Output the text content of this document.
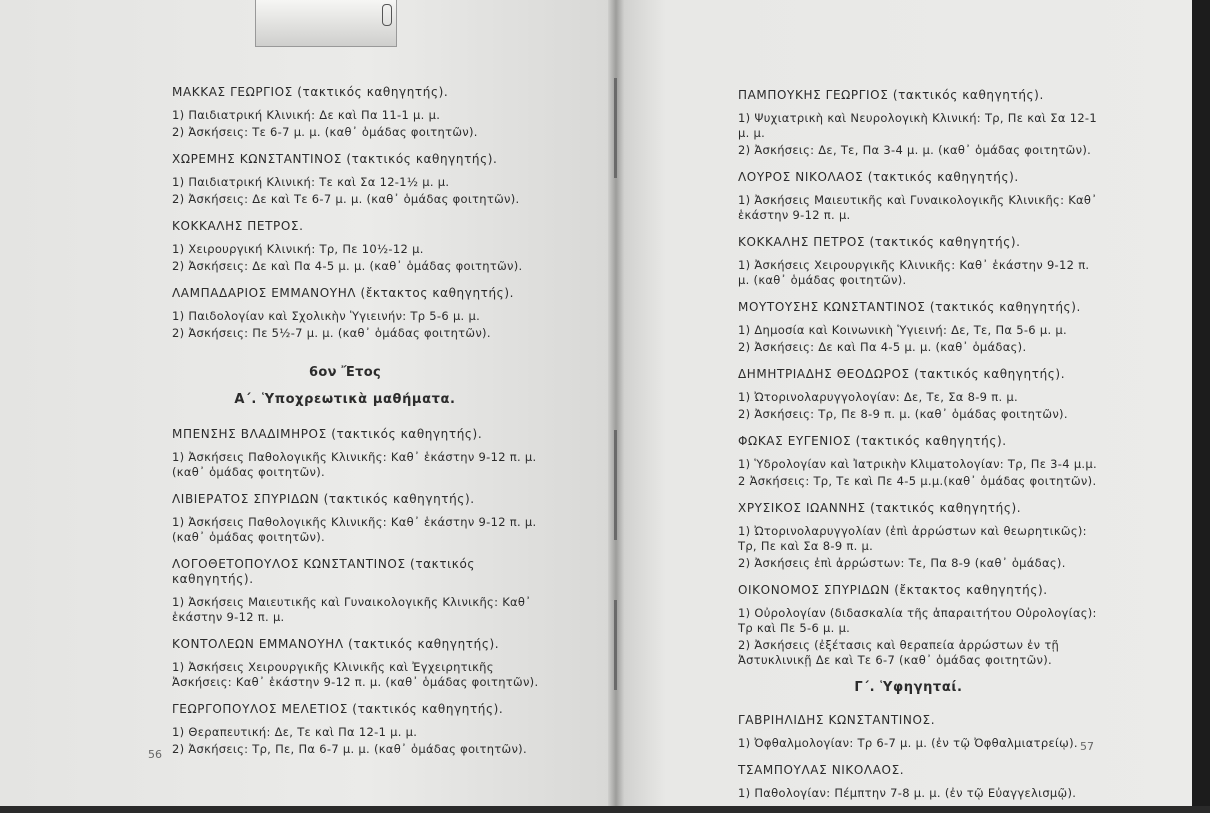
ΜΑΚΚΑΣ ΓΕΩΡΓΙΟΣ (τακτικός καθηγητής).
1) Παιδιατρική Κλινική: Δε καὶ Πα 11-1 μ. μ.
2) Ἀσκήσεις: Τε 6-7 μ. μ. (καθ᾽ ὁμάδας φοιτητῶν).
ΧΩΡΕΜΗΣ ΚΩΝΣΤΑΝΤΙΝΟΣ (τακτικός καθηγητής).
1) Παιδιατρική Κλινική: Τε καὶ Σα 12-1½ μ. μ.
2) Ἀσκήσεις: Δε καὶ Τε 6-7 μ. μ. (καθ᾽ ὁμάδας φοιτητῶν).
ΚΟΚΚΑΛΗΣ ΠΕΤΡΟΣ.
1) Χειρουργική Κλινική: Τρ, Πε 10½-12 μ.
2) Ἀσκήσεις: Δε καὶ Πα 4-5 μ. μ. (καθ᾽ ὁμάδας φοιτητῶν).
ΛΑΜΠΑΔΑΡΙΟΣ ΕΜΜΑΝΟΥΗΛ (ἔκτακτος καθηγητής).
1) Παιδολογίαν καὶ Σχολικὴν Ὑγιεινήν: Τρ 5-6 μ. μ.
2) Ἀσκήσεις: Πε 5½-7 μ. μ. (καθ᾽ ὁμάδας φοιτητῶν).
6ον Ἔτος
Α΄. Ὑποχρεωτικὰ μαθήματα.
ΜΠΕΝΣΗΣ ΒΛΑΔΙΜΗΡΟΣ (τακτικός καθηγητής).
1) Ἀσκήσεις Παθολογικῆς Κλινικῆς: Καθ᾽ ἑκάστην 9-12 π. μ. (καθ᾽ ὁμάδας φοιτητῶν).
ΛΙΒΙΕΡΑΤΟΣ ΣΠΥΡΙΔΩΝ (τακτικός καθηγητής).
1) Ἀσκήσεις Παθολογικῆς Κλινικῆς: Καθ᾽ ἑκάστην 9-12 π. μ. (καθ᾽ ὁμάδας φοιτητῶν).
ΛΟΓΟΘΕΤΟΠΟΥΛΟΣ ΚΩΝΣΤΑΝΤΙΝΟΣ (τακτικός καθηγητής).
1) Ἀσκήσεις Μαιευτικῆς καὶ Γυναικολογικῆς Κλινικῆς: Καθ᾽ ἑκάστην 9-12 π. μ.
ΚΟΝΤΟΛΕΩΝ ΕΜΜΑΝΟΥΗΛ (τακτικός καθηγητής).
1) Ἀσκήσεις Χειρουργικῆς Κλινικῆς καὶ Ἐγχειρητικῆς Ἀσκήσεις: Καθ᾽ ἑκάστην 9-12 π. μ. (καθ᾽ ὁμάδας φοιτητῶν).
ΓΕΩΡΓΟΠΟΥΛΟΣ ΜΕΛΕΤΙΟΣ (τακτικός καθηγητής).
1) Θεραπευτική: Δε, Τε καὶ Πα 12-1 μ. μ.
2) Ἀσκήσεις: Τρ, Πε, Πα 6-7 μ. μ. (καθ᾽ ὁμάδας φοιτητῶν).
ΠΑΜΠΟΥΚΗΣ ΓΕΩΡΓΙΟΣ (τακτικός καθηγητής).
1) Ψυχιατρικὴ καὶ Νευρολογικὴ Κλινική: Τρ, Πε καὶ Σα 12-1 μ. μ.
2) Ἀσκήσεις: Δε, Τε, Πα 3-4 μ. μ. (καθ᾽ ὁμάδας φοιτητῶν).
ΛΟΥΡΟΣ ΝΙΚΟΛΑΟΣ (τακτικός καθηγητής).
1) Ἀσκήσεις Μαιευτικῆς καὶ Γυναικολογικῆς Κλινικῆς: Καθ᾽ ἑκάστην 9-12 π. μ.
ΚΟΚΚΑΛΗΣ ΠΕΤΡΟΣ (τακτικός καθηγητής).
1) Ἀσκήσεις Χειρουργικῆς Κλινικῆς: Καθ᾽ ἑκάστην 9-12 π. μ. (καθ᾽ ὁμάδας φοιτητῶν).
ΜΟΥΤΟΥΣΗΣ ΚΩΝΣΤΑΝΤΙΝΟΣ (τακτικός καθηγητής).
1) Δημοσία καὶ Κοινωνικὴ Ὑγιεινή: Δε, Τε, Πα 5-6 μ. μ.
2) Ἀσκήσεις: Δε καὶ Πα 4-5 μ. μ. (καθ᾽ ὁμάδας).
ΔΗΜΗΤΡΙΑΔΗΣ ΘΕΟΔΩΡΟΣ (τακτικός καθηγητής).
1) Ὠτορινολαρυγγολογίαν: Δε, Τε, Σα 8-9 π. μ.
2) Ἀσκήσεις: Τρ, Πε 8-9 π. μ. (καθ᾽ ὁμάδας φοιτητῶν).
ΦΩΚΑΣ ΕΥΓΕΝΙΟΣ (τακτικός καθηγητής).
1) Ὑδρολογίαν καὶ Ἰατρικὴν Κλιματολογίαν: Τρ, Πε 3-4 μ.μ.
2 Ἀσκήσεις: Τρ, Τε καὶ Πε 4-5 μ.μ.(καθ᾽ ὁμάδας φοιτητῶν).
ΧΡΥΣΙΚΟΣ ΙΩΑΝΝΗΣ (τακτικός καθηγητής).
1) Ὠτορινολαρυγγολίαν (ἐπὶ ἀρρώστων καὶ θεωρητικῶς): Τρ, Πε καὶ Σα 8-9 π. μ.
2) Ἀσκήσεις ἐπὶ ἀρρώστων: Τε, Πα 8-9 (καθ᾽ ὁμάδας).
ΟΙΚΟΝΟΜΟΣ ΣΠΥΡΙΔΩΝ (ἔκτακτος καθηγητής).
1) Οὐρολογίαν (διδασκαλία τῆς ἀπαραιτήτου Οὐρολογίας): Τρ καὶ Πε 5-6 μ. μ.
2) Ἀσκήσεις (ἐξέτασις καὶ θεραπεία ἀρρώστων ἐν τῇ Ἀστυκλινικῇ Δε καὶ Τε 6-7 (καθ᾽ ὁμάδας φοιτητῶν).
Γ΄. Ὑφηγηταί.
ΓΑΒΡΙΗΛΙΔΗΣ ΚΩΝΣΤΑΝΤΙΝΟΣ.
1) Ὀφθαλμολογίαν: Τρ 6-7 μ. μ. (ἐν τῷ Ὀφθαλμιατρείῳ).
ΤΣΑΜΠΟΥΛΑΣ ΝΙΚΟΛΑΟΣ.
1) Παθολογίαν: Πέμπτην 7-8 μ. μ. (ἐν τῷ Εὐαγγελισμῷ).
56
57
